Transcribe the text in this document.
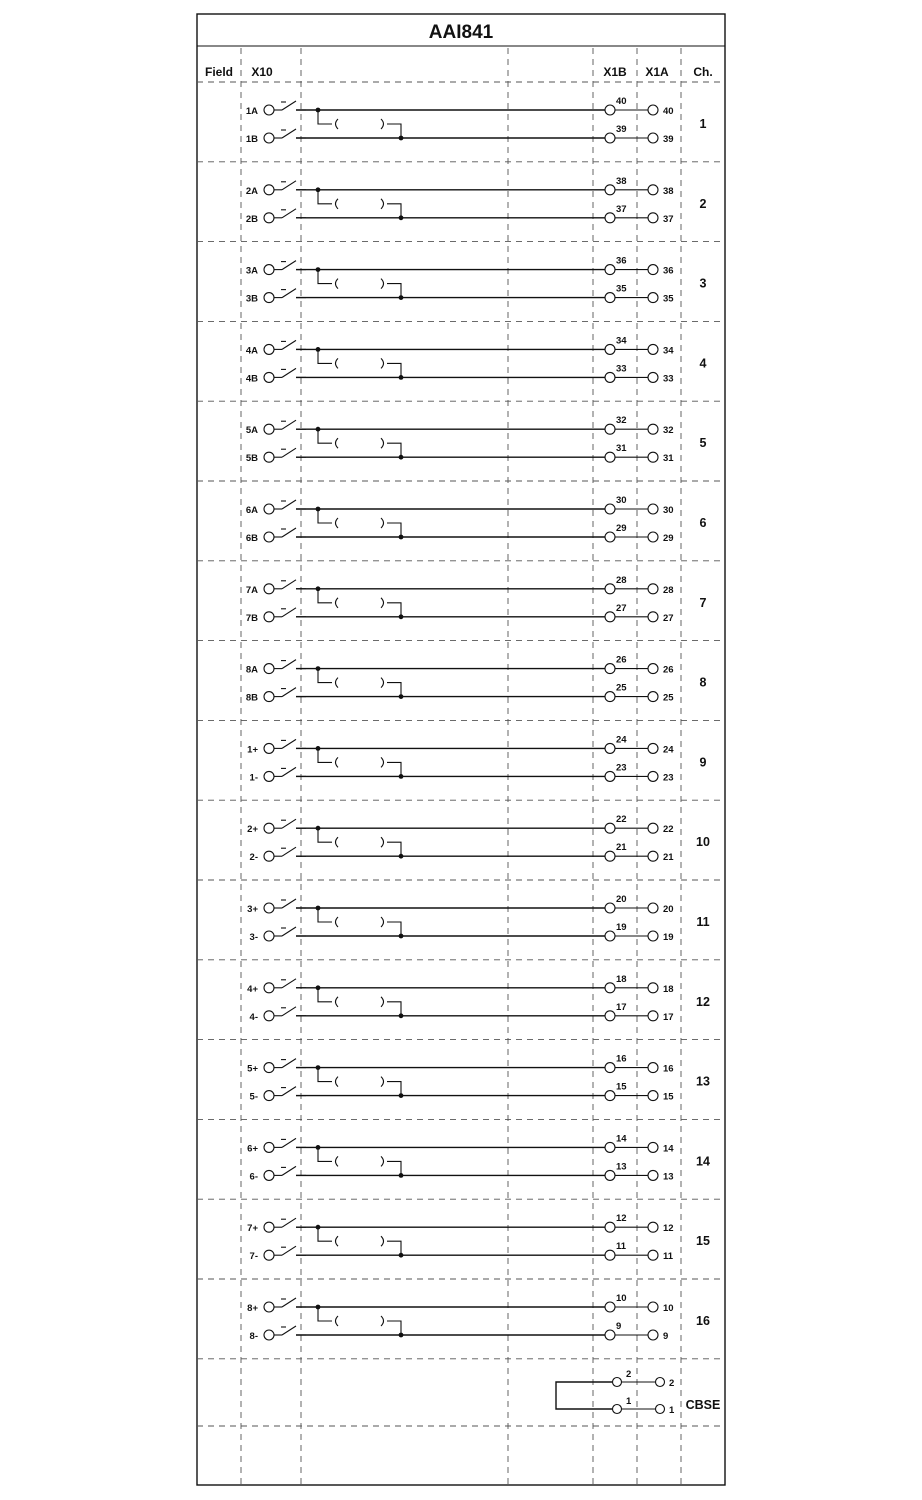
AAI841
Field X10	X1B X1A Ch.
1A
1B
40
40
39
39
1
2A
2B
38
38
37
37
2
3A
3B
36
36
35
35
3
4A
4B
34
34
33
33
4
5A
5B
32
32
31
31
5
6A
6B
30
30
29
29
6
7A
7B
28
28
27
27
7
8A
8B
26
26
25
25
8
1+
1-
24
24
23
23
9
2+
2-
22
22
21
21
10
3+
3-
20
20
19
19
11
4+
4-
18
18
17
17
12
5+
5-
16
16
15
15
13
6+
6-
14
14
13
13
14
7+
7-
12
12
11
11
15
8+
8-
10
10
9
9
16
2
2
1
1 CBSE
